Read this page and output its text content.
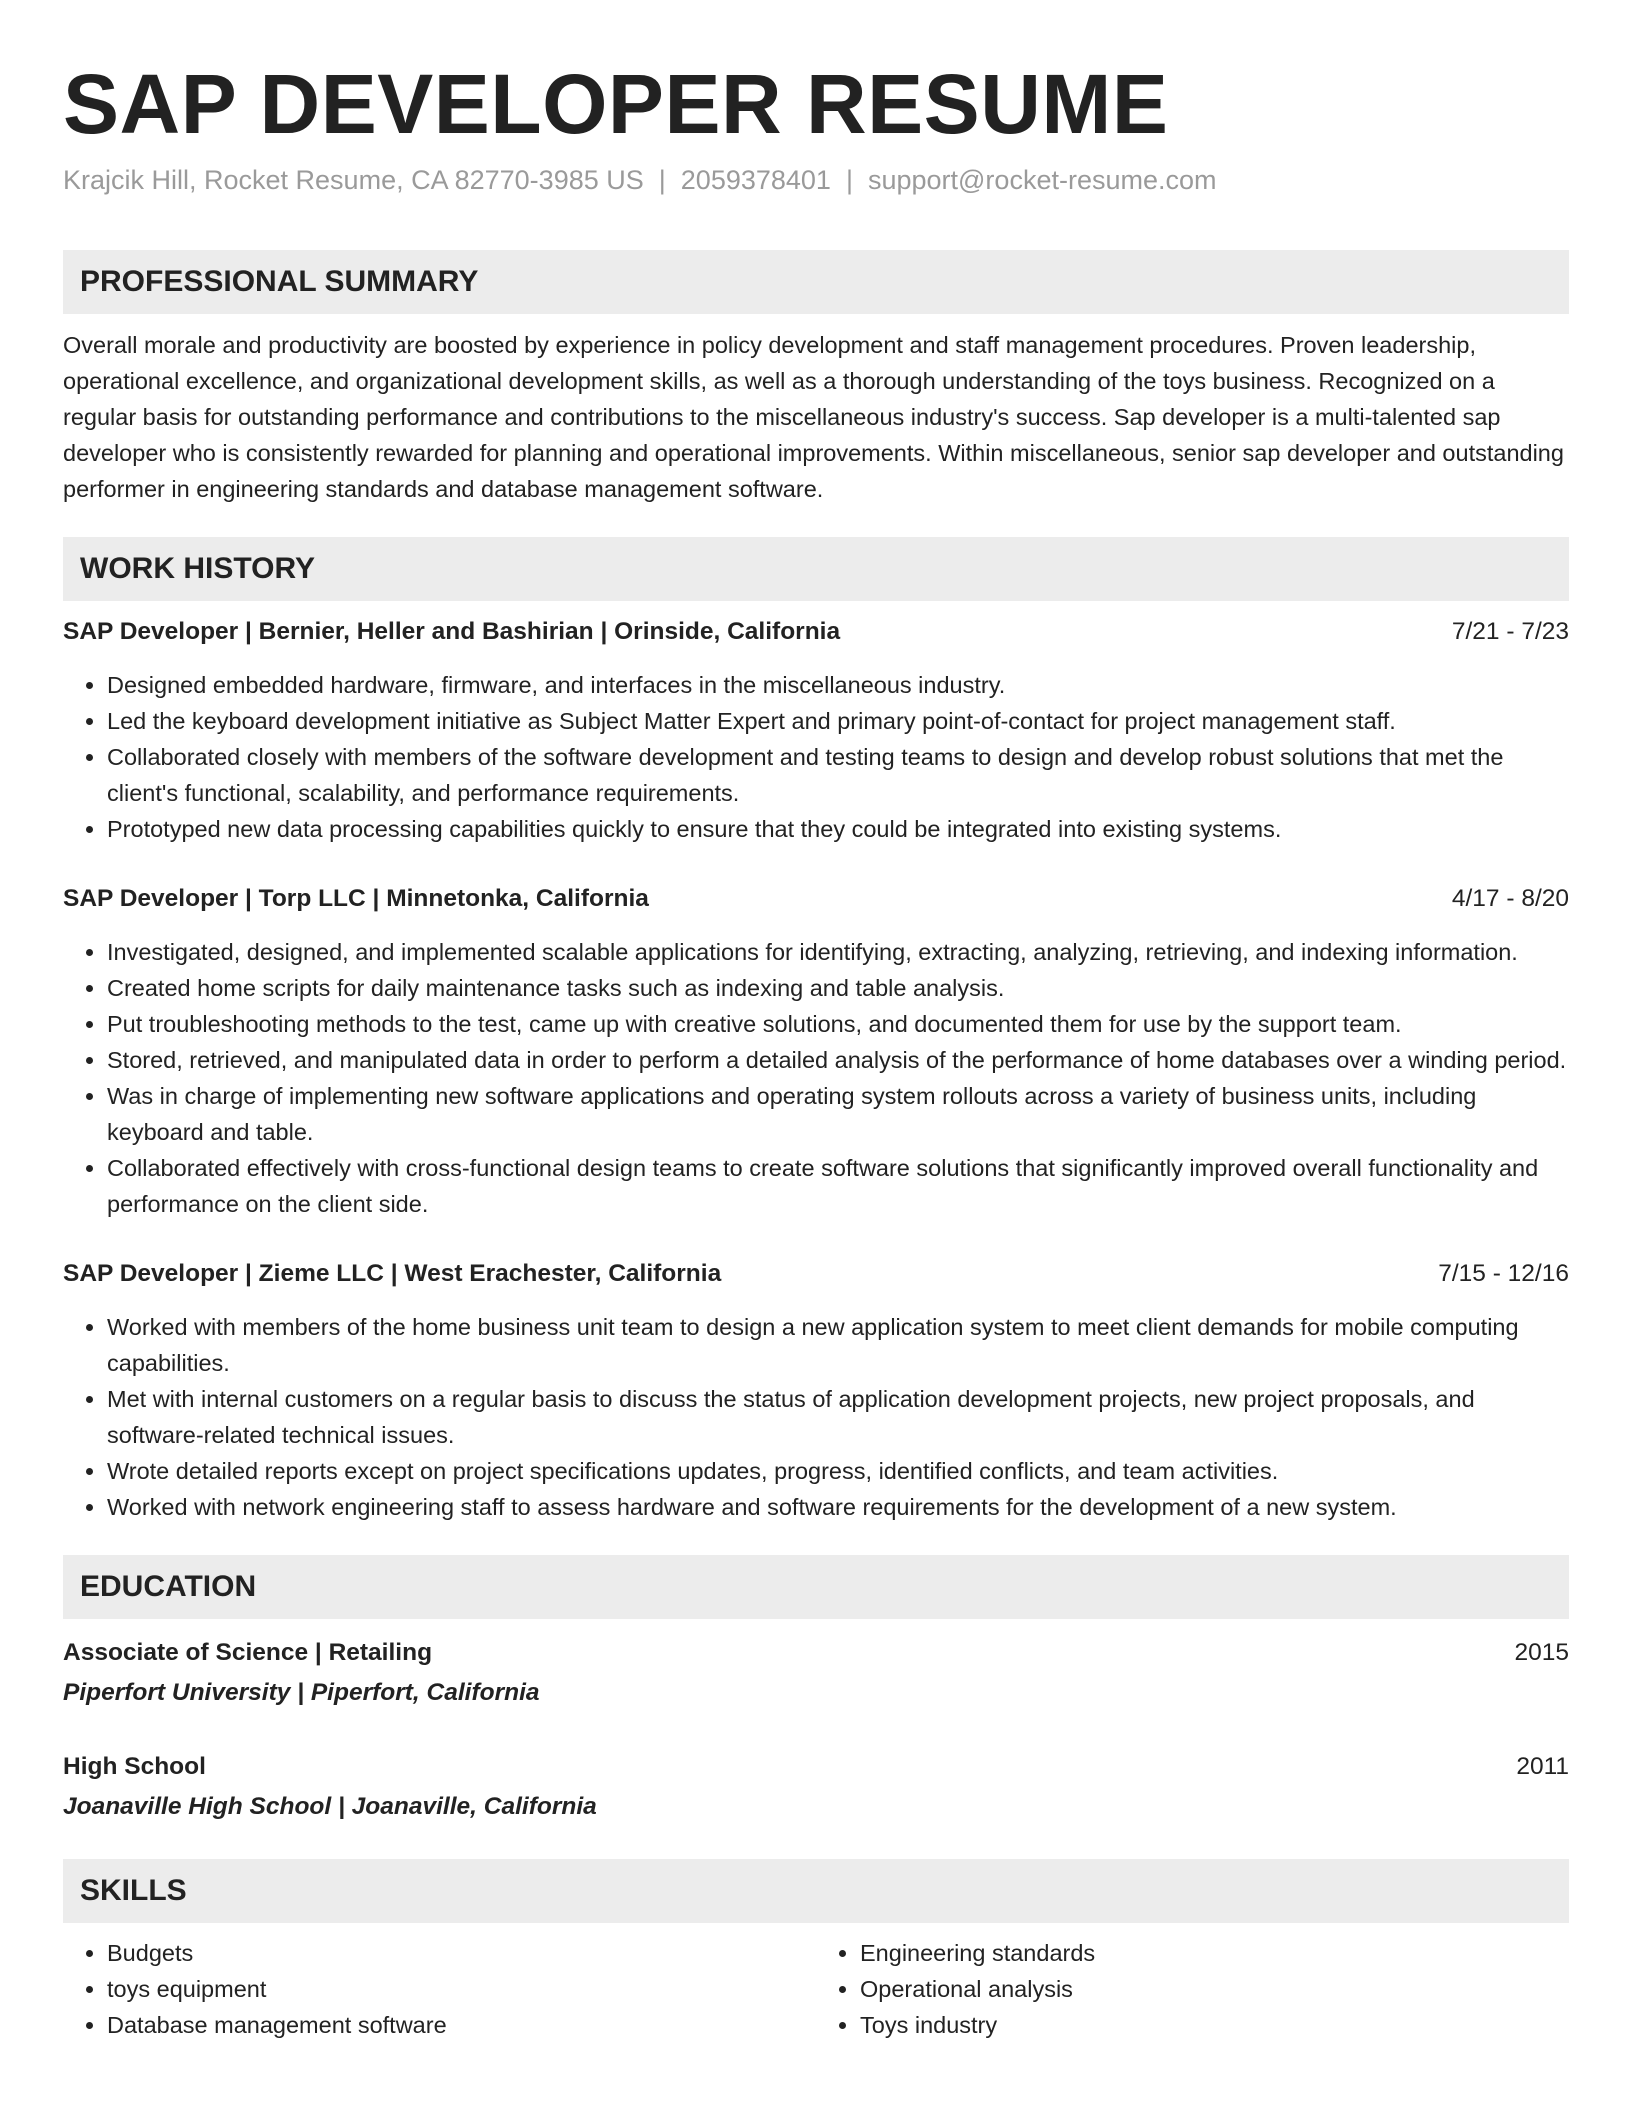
SAP DEVELOPER RESUME
Krajcik Hill, Rocket Resume, CA 82770-3985 US | 2059378401 | support@rocket-resume.com
PROFESSIONAL SUMMARY

Overall morale and productivity are boosted by experience in policy development and staff management procedures. Proven leadership, operational excellence, and organizational development skills, as well as a thorough understanding of the toys business. Recognized on a regular basis for outstanding performance and contributions to the miscellaneous industry's success. Sap developer is a multi-talented sap developer who is consistently rewarded for planning and operational improvements. Within miscellaneous, senior sap developer and outstanding performer in engineering standards and database management software.

WORK HISTORY
SAP Developer | Bernier, Heller and Bashirian | Orinside, California	7/21 - 7/23
• Designed embedded hardware, firmware, and interfaces in the miscellaneous industry.
• Led the keyboard development initiative as Subject Matter Expert and primary point-of-contact for project management staff.
• Collaborated closely with members of the software development and testing teams to design and develop robust solutions that met the client's functional, scalability, and performance requirements.
• Prototyped new data processing capabilities quickly to ensure that they could be integrated into existing systems.
SAP Developer | Torp LLC | Minnetonka, California	4/17 - 8/20
• Investigated, designed, and implemented scalable applications for identifying, extracting, analyzing, retrieving, and indexing information.
• Created home scripts for daily maintenance tasks such as indexing and table analysis.
• Put troubleshooting methods to the test, came up with creative solutions, and documented them for use by the support team.
• Stored, retrieved, and manipulated data in order to perform a detailed analysis of the performance of home databases over a winding period.
• Was in charge of implementing new software applications and operating system rollouts across a variety of business units, including keyboard and table.
• Collaborated effectively with cross-functional design teams to create software solutions that significantly improved overall functionality and performance on the client side.
SAP Developer | Zieme LLC | West Erachester, California	7/15 - 12/16
• Worked with members of the home business unit team to design a new application system to meet client demands for mobile computing capabilities.
• Met with internal customers on a regular basis to discuss the status of application development projects, new project proposals, and software-related technical issues.
• Wrote detailed reports except on project specifications updates, progress, identified conflicts, and team activities.
• Worked with network engineering staff to assess hardware and software requirements for the development of a new system.
EDUCATION
Associate of Science | Retailing	2015
Piperfort University | Piperfort, California
High School	2011
Joanaville High School | Joanaville, California
SKILLS
• Budgets
• toys equipment
• Database management software
• Engineering standards
• Operational analysis
• Toys industry
